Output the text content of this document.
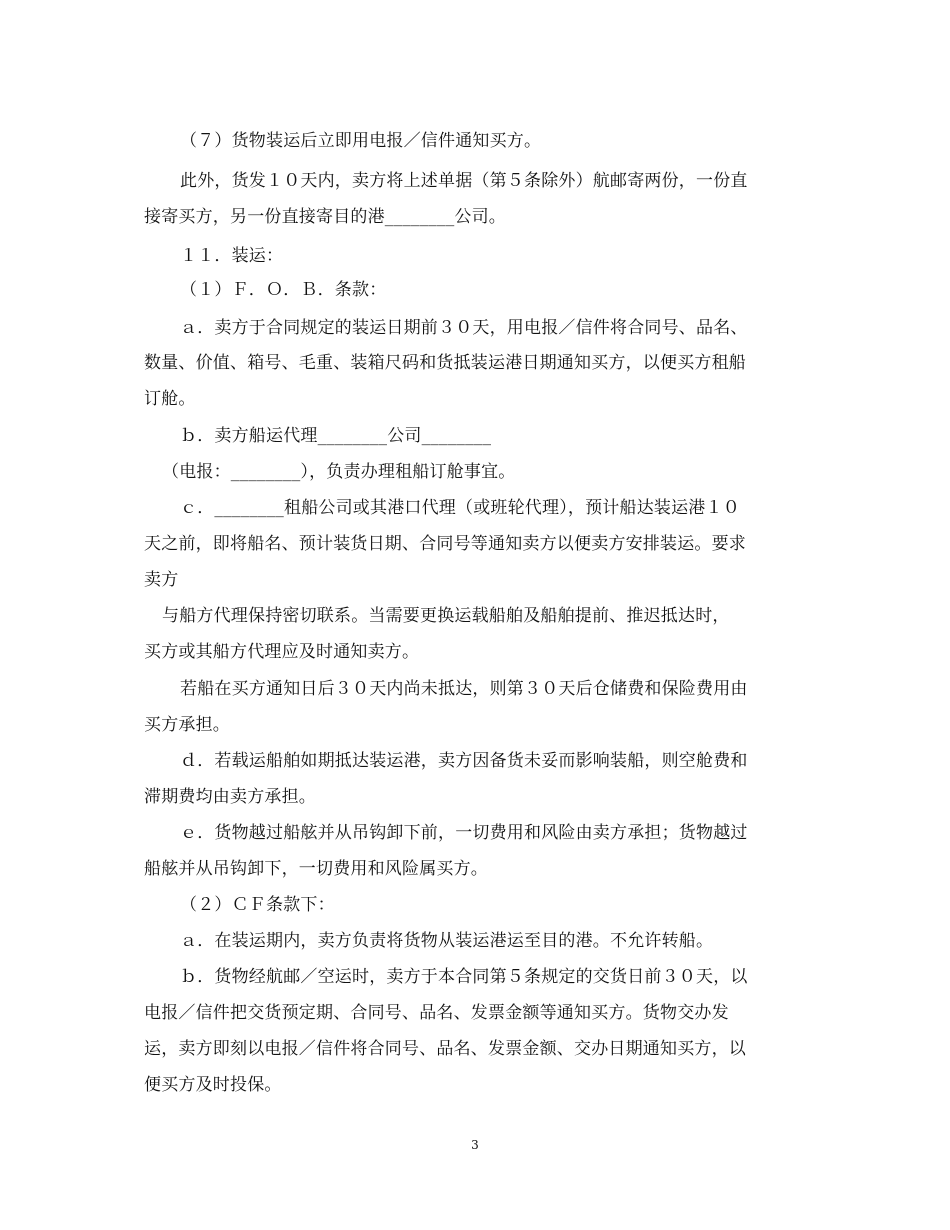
（７）货物装运后立即用电报／信件通知买方。
此外，货发１０天内，卖方将上述单据（第５条除外）航邮寄两份，一份直
接寄买方，另一份直接寄目的港________公司。
１１．装运：
（１）Ｆ．Ｏ．Ｂ．条款：
ａ．卖方于合同规定的装运日期前３０天，用电报／信件将合同号、品名、
数量、价值、箱号、毛重、装箱尺码和货抵装运港日期通知买方，以便买方租船
订舱。
ｂ．卖方船运代理________公司________
（电报：________），负责办理租船订舱事宜。
ｃ．________租船公司或其港口代理（或班轮代理），预计船达装运港１０
天之前，即将船名、预计装货日期、合同号等通知卖方以便卖方安排装运。要求
卖方
与船方代理保持密切联系。当需要更换运载船舶及船舶提前、推迟抵达时，
买方或其船方代理应及时通知卖方。
若船在买方通知日后３０天内尚未抵达，则第３０天后仓储费和保险费用由
买方承担。
ｄ．若载运船舶如期抵达装运港，卖方因备货未妥而影响装船，则空舱费和
滞期费均由卖方承担。
ｅ．货物越过船舷并从吊钩卸下前，一切费用和风险由卖方承担；货物越过
船舷并从吊钩卸下，一切费用和风险属买方。
（２）ＣＦ条款下：
ａ．在装运期内，卖方负责将货物从装运港运至目的港。不允许转船。
ｂ．货物经航邮／空运时，卖方于本合同第５条规定的交货日前３０天，以
电报／信件把交货预定期、合同号、品名、发票金额等通知买方。货物交办发
运，卖方即刻以电报／信件将合同号、品名、发票金额、交办日期通知买方，以
便买方及时投保。
3
